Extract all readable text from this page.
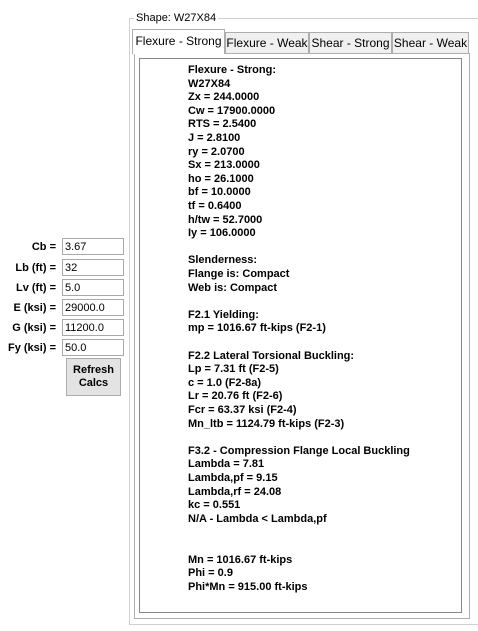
Cb =
3.67
Lb (ft) =
32
Lv (ft) =
5.0
E (ksi) =
29000.0
G (ksi) =
11200.0
Fy (ksi) =
50.0
Refresh
Calcs
Shape: W27X84
Flexure - Strong Flexure - Weak Shear - Strong Shear - Weak
Flexure - Strong:
W27X84
Zx = 244.0000
Cw = 17900.0000
RTS = 2.5400
J = 2.8100
ry = 2.0700
Sx = 213.0000
ho = 26.1000
bf = 10.0000
tf = 0.6400
h/tw = 52.7000
Iy = 106.0000
Slenderness:
Flange is: Compact
Web is: Compact
F2.1 Yielding:
mp = 1016.67 ft-kips (F2-1)
F2.2 Lateral Torsional Buckling:
Lp = 7.31 ft (F2-5)
c = 1.0 (F2-8a)
Lr = 20.76 ft (F2-6)
Fcr = 63.37 ksi (F2-4)
Mn_ltb = 1124.79 ft-kips (F2-3)
F3.2 - Compression Flange Local Buckling
Lambda = 7.81
Lambda,pf = 9.15
Lambda,rf = 24.08
kc = 0.551
N/A - Lambda < Lambda,pf
Mn = 1016.67 ft-kips
Phi = 0.9
Phi*Mn = 915.00 ft-kips
